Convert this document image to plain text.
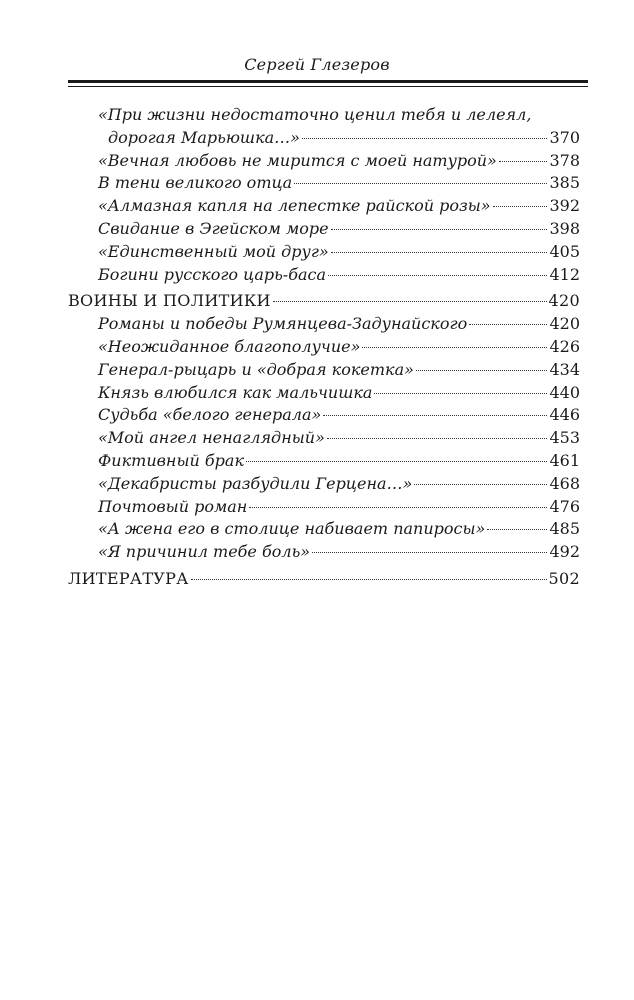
Сергей Глезеров
«При жизни недостаточно ценил тебя и лелеял,
дорогая Марьюшка…»	370
«Вечная любовь не мирится с моей натурой»	378
В тени великого отца	385
«Алмазная капля на лепестке райской розы»	392
Свидание в Эгейском море	398
«Единственный мой друг»	405
Богини русского царь-баса	412
ВОИНЫ И ПОЛИТИКИ	420
Романы и победы Румянцева-Задунайского	420
«Неожиданное благополучие»	426
Генерал-рыцарь и «добрая кокетка»	434
Князь влюбился как мальчишка	440
Судьба «белого генерала»	446
«Мой ангел ненаглядный»	453
Фиктивный брак	461
«Декабристы разбудили Герцена…»	468
Почтовый роман	476
«А жена его в столице набивает папиросы»	485
«Я причинил тебе боль»	492
ЛИТЕРАТУРА	502
